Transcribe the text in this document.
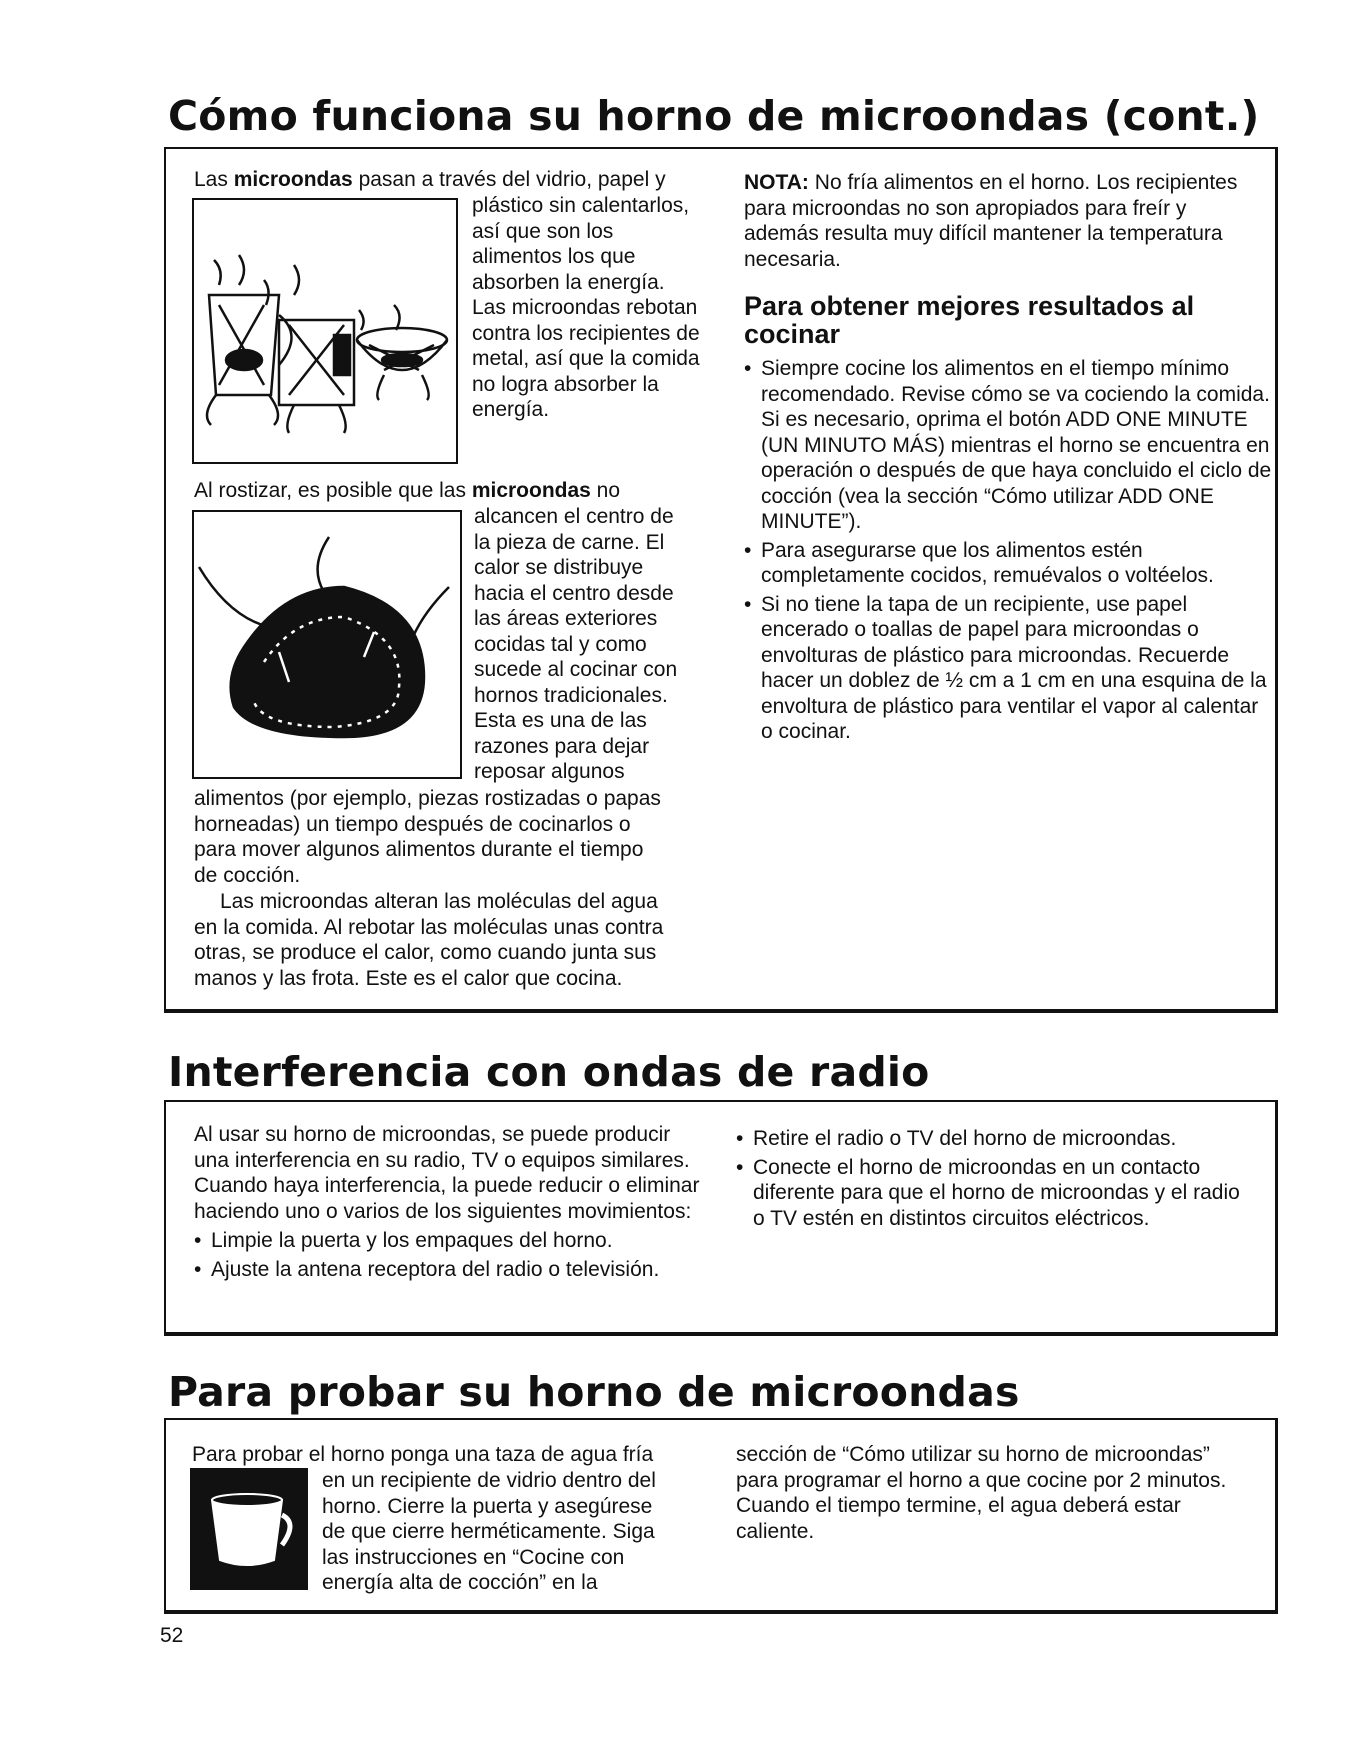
Cómo funciona su horno de microondas (cont.)
Las microondas pasan a través del vidrio, papel y
plástico sin calentarlos,
así que son los
alimentos los que
absorben la energía.
Las microondas rebotan
contra los recipientes de
metal, así que la comida
no logra absorber la
energía.
Al rostizar, es posible que las microondas no
alcancen el centro de
la pieza de carne. El
calor se distribuye
hacia el centro desde
las áreas exteriores
cocidas tal y como
sucede al cocinar con
hornos tradicionales.
Esta es una de las
razones para dejar
reposar algunos
alimentos (por ejemplo, piezas rostizadas o papas
horneadas) un tiempo después de cocinarlos o
para mover algunos alimentos durante el tiempo
de cocción.
Las microondas alteran las moléculas del agua
en la comida. Al rebotar las moléculas unas contra
otras, se produce el calor, como cuando junta sus
manos y las frota. Este es el calor que cocina.
NOTA: No fría alimentos en el horno. Los recipientes para microondas no son apropiados para freír y además resulta muy difícil mantener la temperatura necesaria.
Para obtener mejores resultados al cocinar

• Siempre cocine los alimentos en el tiempo mínimo recomendado. Revise cómo se va cociendo la comida. Si es necesario, oprima el botón ADD ONE MINUTE (UN MINUTO MÁS) mientras el horno se encuentra en operación o después de que haya concluido el ciclo de cocción (vea la sección “Cómo utilizar ADD ONE MINUTE”).

• Para asegurarse que los alimentos estén completamente cocidos, remuévalos o voltéelos.

• Si no tiene la tapa de un recipiente, use papel encerado o toallas de papel para microondas o envolturas de plástico para microondas. Recuerde hacer un doblez de ½ cm a 1 cm en una esquina de la envoltura de plástico para ventilar el vapor al calentar o cocinar.

Interferencia con ondas de radio

Al usar su horno de microondas, se puede producir una interferencia en su radio, TV o equipos similares. Cuando haya interferencia, la puede reducir o eliminar haciendo uno o varios de los siguientes movimientos:

• Limpie la puerta y los empaques del horno.

• Ajuste la antena receptora del radio o televisión.

• Retire el radio o TV del horno de microondas.

• Conecte el horno de microondas en un contacto diferente para que el horno de microondas y el radio o TV estén en distintos circuitos eléctricos.

Para probar su horno de microondas
Para probar el horno ponga una taza de agua fría
en un recipiente de vidrio dentro del
horno. Cierre la puerta y asegúrese
de que cierre herméticamente. Siga
las instrucciones en “Cocine con
energía alta de cocción” en la
sección de “Cómo utilizar su horno de microondas” para programar el horno a que cocine por 2 minutos. Cuando el tiempo termine, el agua deberá estar caliente.
52
